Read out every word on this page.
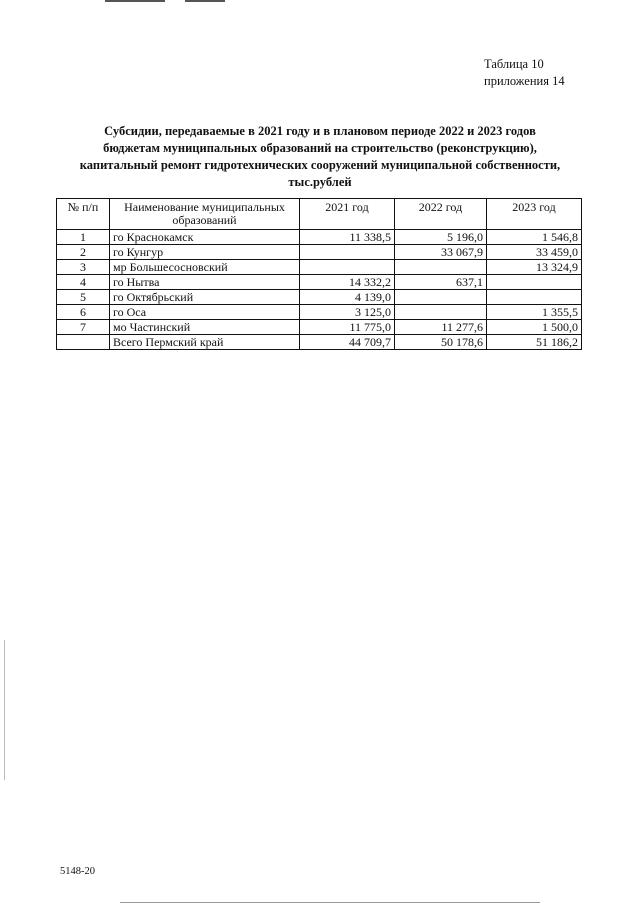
Таблица 10
приложения 14
Субсидии, передаваемые в 2021 году и в плановом периоде 2022 и 2023 годов
бюджетам муниципальных образований на строительство (реконструкцию),
капитальный ремонт гидротехнических сооружений муниципальной собственности,
тыс.рублей
№ п/п	Наименование муниципальных образований	2021 год	2022 год	2023 год
1	го Краснокамск	11 338,5	5 196,0	1 546,8
2	го Кунгур		33 067,9	33 459,0
3	мр Большесосновский			13 324,9
4	го Нытва	14 332,2	637,1	
5	го Октябрьский	4 139,0		
6	го Оса	3 125,0		1 355,5
7	мо Частинский	11 775,0	11 277,6	1 500,0
	Всего Пермский край	44 709,7	50 178,6	51 186,2
5148-20
